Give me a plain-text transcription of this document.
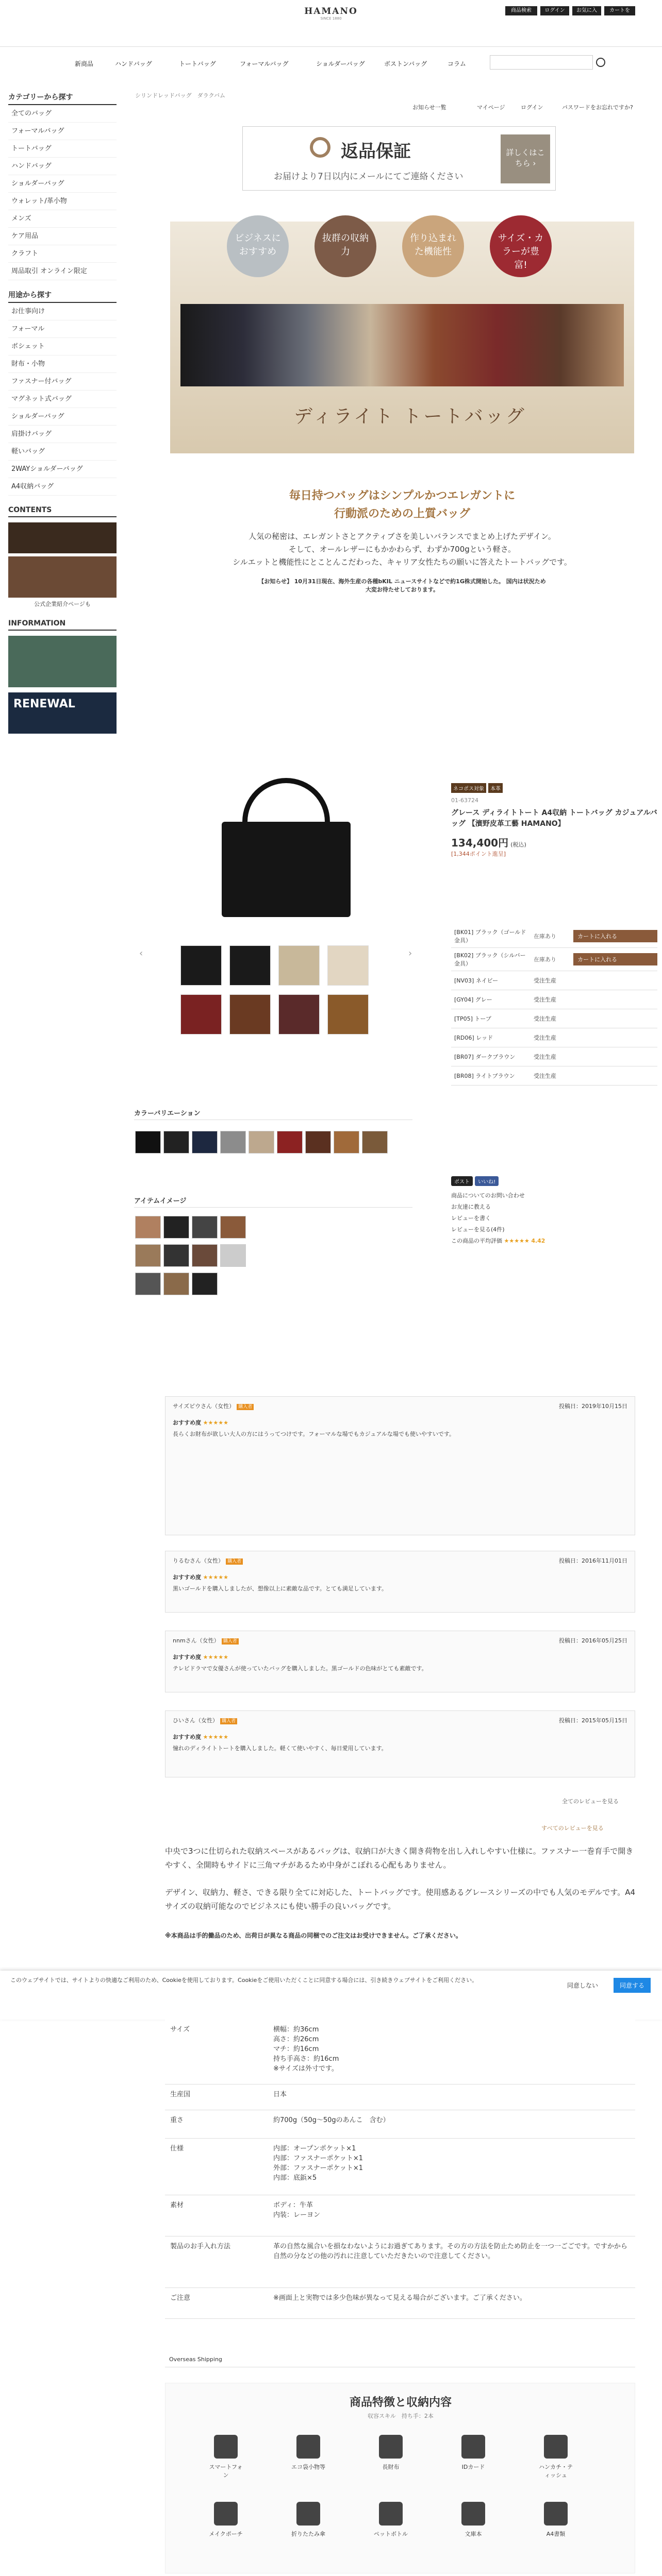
HAMANO
SINCE 1880
商品検索	ログイン	お気に入り
カートを見る
新商品	ハンドバッグ	トートバッグ	フォーマルバッグ	ショルダーバッグ	ボストンバッグ	コラム
シリンドレッドバッグ　ダラクバム
お知らせ一覧	マイページ	ログイン	パスワードをお忘れですか?
カテゴリーから探す
全てのバッグ
フォーマルバッグ
トートバッグ
ハンドバッグ
ショルダーバッグ
ウォレット/革小物
メンズ
ケア用品
クラフト
周品取引 オンライン限定
用途から探す
お仕事向け
フォーマル
ボシェット
財布・小物
ファスナー付バッグ
マグネット式バッグ
ショルダーバッグ
肩掛けバッグ
軽いバッグ
2WAYショルダーバッグ
A4収納バッグ
CONTENTS
公式企業紹介ページも
INFORMATION
RENEWAL
返品保証
お届けより7日以内にメールにてご連絡ください
詳しくはこちら ›
ビジネスにおすすめ
抜群の収納力
作り込まれた機能性
サイズ・カラーが豊富!
ディライト トートバッグ
毎日持つバッグはシンプルかつエレガントに
行動派のための上質バッグ
人気の秘密は、エレガントさとアクティブさを美しいバランスでまとめ上げたデザイン。
そして、オールレザーにもかかわらず、わずか700gという軽さ。
シルエットと機能性にとことんこだわった、キャリア女性たちの願いに答えたトートバッグです。
【お知らせ】 10月31日現在、海外生産の各種bKIL ニュースサイトなどで約1G株式開始した。 国内は状況ため大変お待たせしております。
‹	›
カラーバリエーション
アイテムイメージ
ネコポス対象 本革
01-63724
グレース ディライトトート A4収納 トートバッグ カジュアルバッグ 【濱野皮革工藝 HAMANO】
134,400円 (税込)
[1,344ポイント進呈]
[BK01] ブラック（ゴールド 金具）	在庫あり	カートに入れる

[BK02] ブラック（シルバー 金具）	在庫あり	カートに入れる

[NV03] ネイビー	受注生産	
[GY04] グレー	受注生産	
[TP05] トープ	受注生産	
[RD06] レッド	受注生産	
[BR07] ダークブラウン	受注生産	
[BR08] ライトブラウン	受注生産	
ポスト いいね!
商品についてのお問い合わせ
お友達に教える
レビューを書く
レビューを見る(4件)
この商品の平均評価 ★★★★★ 4.42
サイズピウさん（女性） 購入者	投稿日：2019年10月15日
おすすめ度 ★★★★★
長らくお財布が欲しい大人の方にはうってつけです。フォーマルな場でもカジュアルな場でも使いやすいです。
りるむさん（女性） 購入者	投稿日：2016年11月01日
おすすめ度 ★★★★★
黒いゴールドを購入しましたが、想像以上に素敵な品です。とても満足しています。
nnmさん（女性） 購入者	投稿日：2016年05月25日
おすすめ度 ★★★★★
テレビドラマで女優さんが使っていたバッグを購入しました。黒ゴールドの色味がとても素敵です。
ひいさん（女性） 購入者	投稿日：2015年05月15日
おすすめ度 ★★★★★
憧れのディライトトートを購入しました。軽くて使いやすく、毎日愛用しています。
全てのレビューを見る
すべてのレビューを見る
中央で3つに仕切られた収納スペースがあるバッグは、収納口が大きく開き荷物を出し入れしやすい仕様に。ファスナー一巻育手で開きやすく、全開時もサイドに三角マチがあるため中身がこぼれる心配もありません。
デザイン、収納力、軽さ、できる限り全てに対応した、トートバッグです。使用感あるグレースシリーズの中でも人気のモデルです。A4サイズの収納可能なのでビジネスにも使い勝手の良いバッグです。
※本商品は手的働品のため、出荷日が異なる商品の同梱でのご注文はお受けできません。ご了承ください。
このウェブサイトでは、サイトよりの快適なご利用のため、Cookieを使用しております。Cookieをご使用いただくことに同意する場合には、引き続きウェブサイトをご利用ください。
同意しない	同意する
サイズ	横幅：約36cm
高さ：約26cm
マチ：約16cm
持ち手高さ：約16cm
※サイズは外寸です。
生産国	日本
重さ	約700g（50g〜50gのあんこ　含む）
仕様	内部：オープンポケット×1
内部：ファスナーポケット×1
外部：ファスナーポケット×1
内部：底鋲×5
素材	ボディ：牛革
内装：レーヨン
製品のお手入れ方法	革の自然な風合いを損なわないようにお過ぎてあります。その方の方法を防止ため防止を一つ一ごごです。ですかから自然の分などの他の汚れに注意していただきたいので注意してください。
ご注意	※画面上と実物では多少色味が異なって見える場合がございます。ご了承ください。
Overseas Shipping
商品特徴と収納内容
収容スキル　持ち手：2本
スマートフォン
エコ袋小物等	長財布	IDカード	ハンカチ・ティッシュ
メイクポーチ	折りたたみ傘	ペットボトル	文庫本	A4書類
